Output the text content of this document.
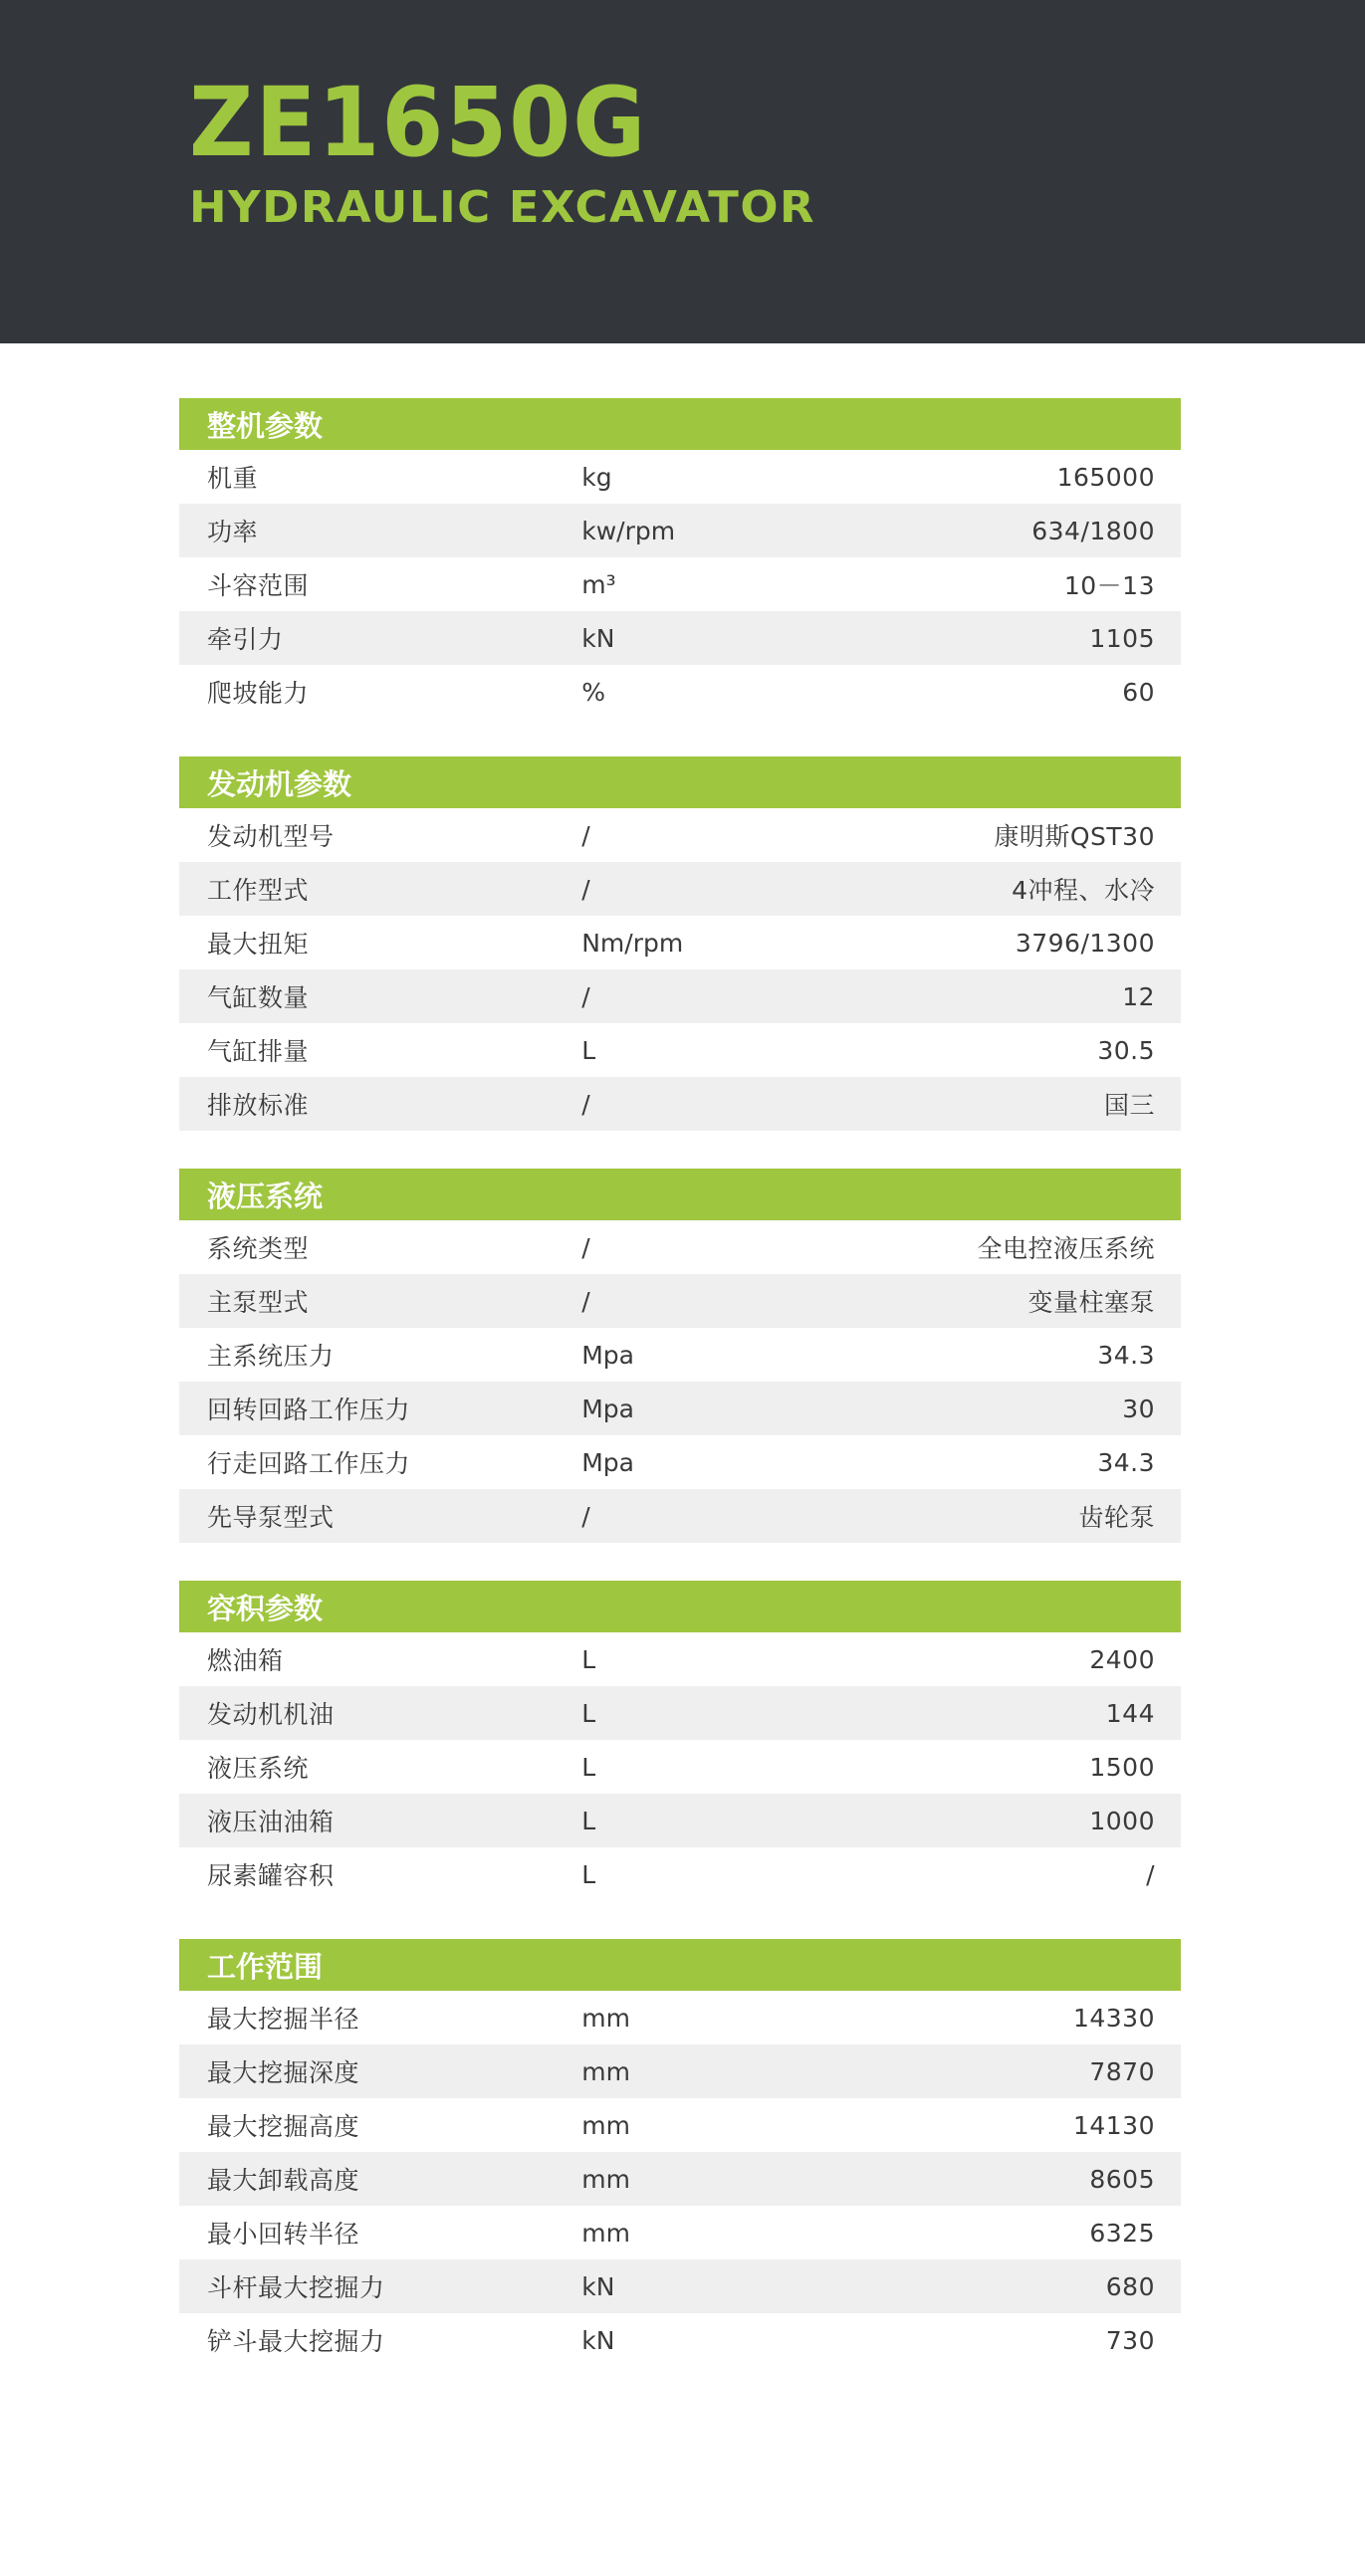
ZE1650G
HYDRAULIC EXCAVATOR
整机参数
机重	kg	165000
功率	kw/rpm	634/1800
斗容范围	m³	10－13
牵引力	kN	1105
爬坡能力	%	60
发动机参数
发动机型号	/	康明斯QST30
工作型式	/	4冲程、水冷
最大扭矩	Nm/rpm	3796/1300
气缸数量	/	12
气缸排量	L	30.5
排放标准	/	国三
液压系统
系统类型	/	全电控液压系统
主泵型式	/	变量柱塞泵
主系统压力	Mpa	34.3
回转回路工作压力	Mpa	30
行走回路工作压力	Mpa	34.3
先导泵型式	/	齿轮泵
容积参数
燃油箱	L	2400
发动机机油	L	144
液压系统	L	1500
液压油油箱	L	1000
尿素罐容积	L	/
工作范围
最大挖掘半径	mm	14330
最大挖掘深度	mm	7870
最大挖掘高度	mm	14130
最大卸载高度	mm	8605
最小回转半径	mm	6325
斗杆最大挖掘力	kN	680
铲斗最大挖掘力	kN	730
